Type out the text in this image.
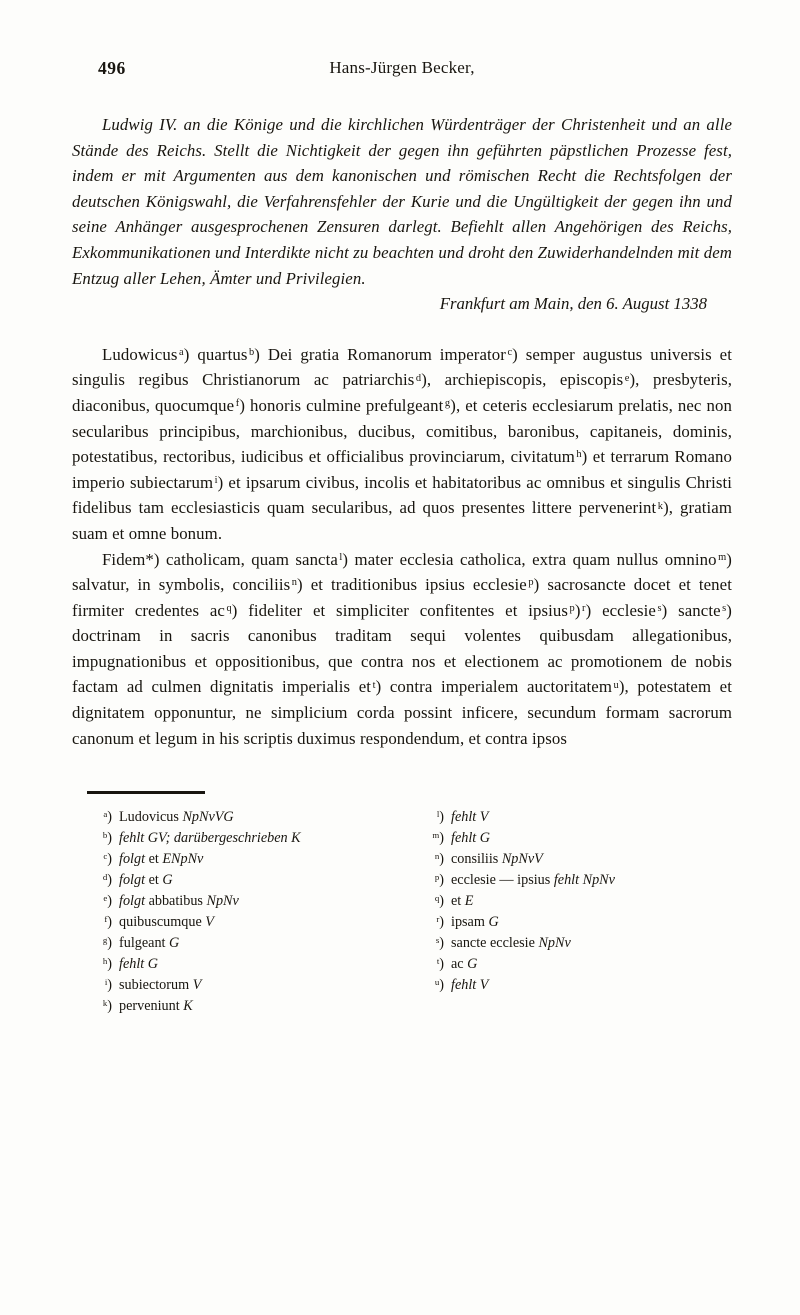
496	Hans-Jürgen Becker,

Ludwig IV. an die Könige und die kirchlichen Würdenträger der Christenheit und an alle Stände des Reichs. Stellt die Nichtigkeit der gegen ihn geführten päpstlichen Prozesse fest, indem er mit Argumenten aus dem kanonischen und römischen Recht die Rechtsfolgen der deutschen Königswahl, die Verfahrensfehler der Kurie und die Ungültigkeit der gegen ihn und seine Anhänger ausgesprochenen Zensuren darlegt. Befiehlt allen Angehörigen des Reichs, Exkommunikationen und Interdikte nicht zu beachten und droht den Zuwiderhandelnden mit dem Entzug aller Lehen, Ämter und Privilegien.

Frankfurt am Main, den 6. August 1338

Ludowicus $^a$) quartus $^b$) Dei gratia Romanorum imperator $^c$) semper augustus universis et singulis regibus Christianorum ac patriarchis $^d$), archiepiscopis, episcopis $^e$), presbyteris, diaconibus, quocumque $^f$) honoris culmine prefulgeant $^g$), et ceteris ecclesiarum prelatis, nec non secularibus principibus, marchionibus, ducibus, comitibus, baronibus, capitaneis, dominis, potestatibus, rectoribus, iudicibus et officialibus provinciarum, civitatum $^h$) et terrarum Romano imperio subiectarum $^i$) et ipsarum civibus, incolis et habitatoribus ac omnibus et singulis Christi fidelibus tam ecclesiasticis quam secularibus, ad quos presentes littere pervenerint $^k$), gratiam suam et omne bonum.

Fidem*) catholicam, quam sancta $^l$) mater ecclesia catholica, extra quam nullus omnino $^m$) salvatur, in symbolis, conciliis $^n$) et traditionibus ipsius ecclesie $^p$) sacrosancte docet et tenet firmiter credentes ac $^q$) fideliter et simpliciter confitentes et ipsius $^p$) $^r$) ecclesie $^s$) sancte $^s$) doctrinam in sacris canonibus traditam sequi volentes quibusdam allegationibus, impugnationibus et oppositionibus, que contra nos et electionem ac promotionem de nobis factam ad culmen dignitatis imperialis et $^t$) contra imperialem auctoritatem $^u$), potestatem et dignitatem opponuntur, ne simplicium corda possint inficere, secundum formam sacrorum canonum et legum in his scriptis duximus respondendum, et contra ipsos

$^a$) Ludovicus NpNvVG
$^b$) fehlt GV; darübergeschrieben K
$^c$) folgt et ENpNv
$^d$) folgt et G
$^e$) folgt abbatibus NpNv
$^f$) quibuscumque V
$^g$) fulgeant G
$^h$) fehlt G
$^i$) subiectorum V
$^k$) perveniunt K
$^l$) fehlt V
$^m$) fehlt G
$^n$) consiliis NpNvV
$^p$) ecclesie — ipsius fehlt NpNv
$^q$) et E
$^r$) ipsam G
$^s$) sancte ecclesie NpNv
$^t$) ac G
$^u$) fehlt V
